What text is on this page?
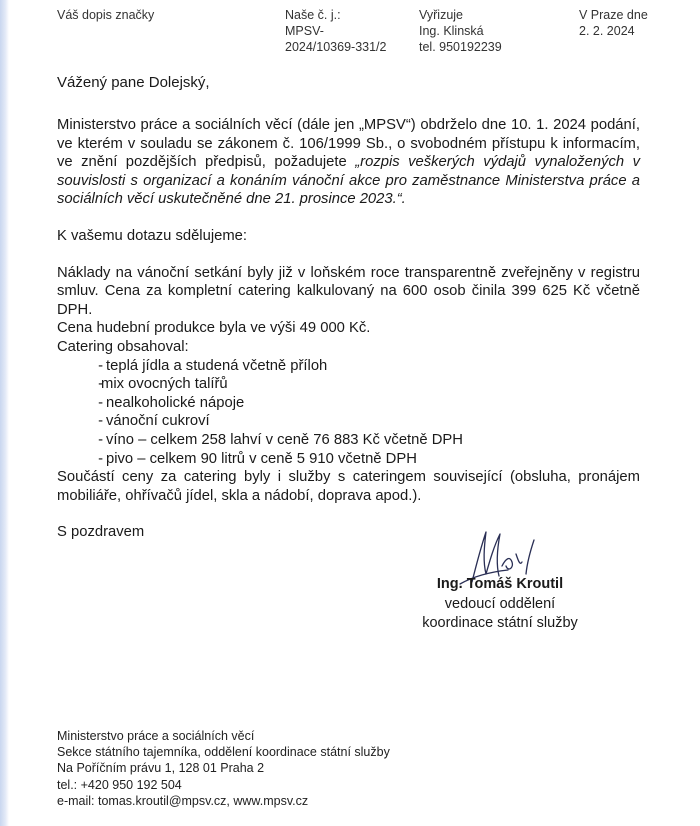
Váš dopis značky	Naše č. j.:
MPSV-
2024/10369-331/2
Vyřizuje
Ing. Klinská
tel. 950192239
V Praze dne
2. 2. 2024
Vážený pane Dolejský,

Ministerstvo práce a sociálních věcí (dále jen „MPSV“) obdrželo dne 10. 1. 2024 podání, ve kterém v souladu se zákonem č. 106/1999 Sb., o svobodném přístupu k informacím, ve znění pozdějších předpisů, požadujete „rozpis veškerých výdajů vynaložených v souvislosti s organizací a konáním vánoční akce pro zaměstnance Ministerstva práce a sociálních věcí uskutečněné dne 21. prosince 2023.“.

K vašemu dotazu sdělujeme:

Náklady na vánoční setkání byly již v loňském roce transparentně zveřejněny v registru smluv. Cena za kompletní catering kalkulovaný na 600 osob činila 399 625 Kč včetně DPH.

Cena hudební produkce byla ve výši 49 000 Kč.

Catering obsahoval:

- teplá jídla a studená včetně příloh
- mix ovocných talířů
- nealkoholické nápoje
- vánoční cukroví
- víno – celkem 258 lahví v ceně 76 883 Kč včetně DPH
- pivo – celkem 90 litrů v ceně 5 910 včetně DPH

Součástí ceny za catering byly i služby s cateringem související (obsluha, pronájem mobiliáře, ohřívačů jídel, skla a nádobí, doprava apod.).

S pozdravem

Ing. Tomáš Kroutil
vedoucí oddělení
koordinace státní služby
Ministerstvo práce a sociálních věcí
Sekce státního tajemníka, oddělení koordinace státní služby
Na Poříčním právu 1, 128 01 Praha 2
tel.: +420 950 192 504
e-mail: tomas.kroutil@mpsv.cz, www.mpsv.cz
